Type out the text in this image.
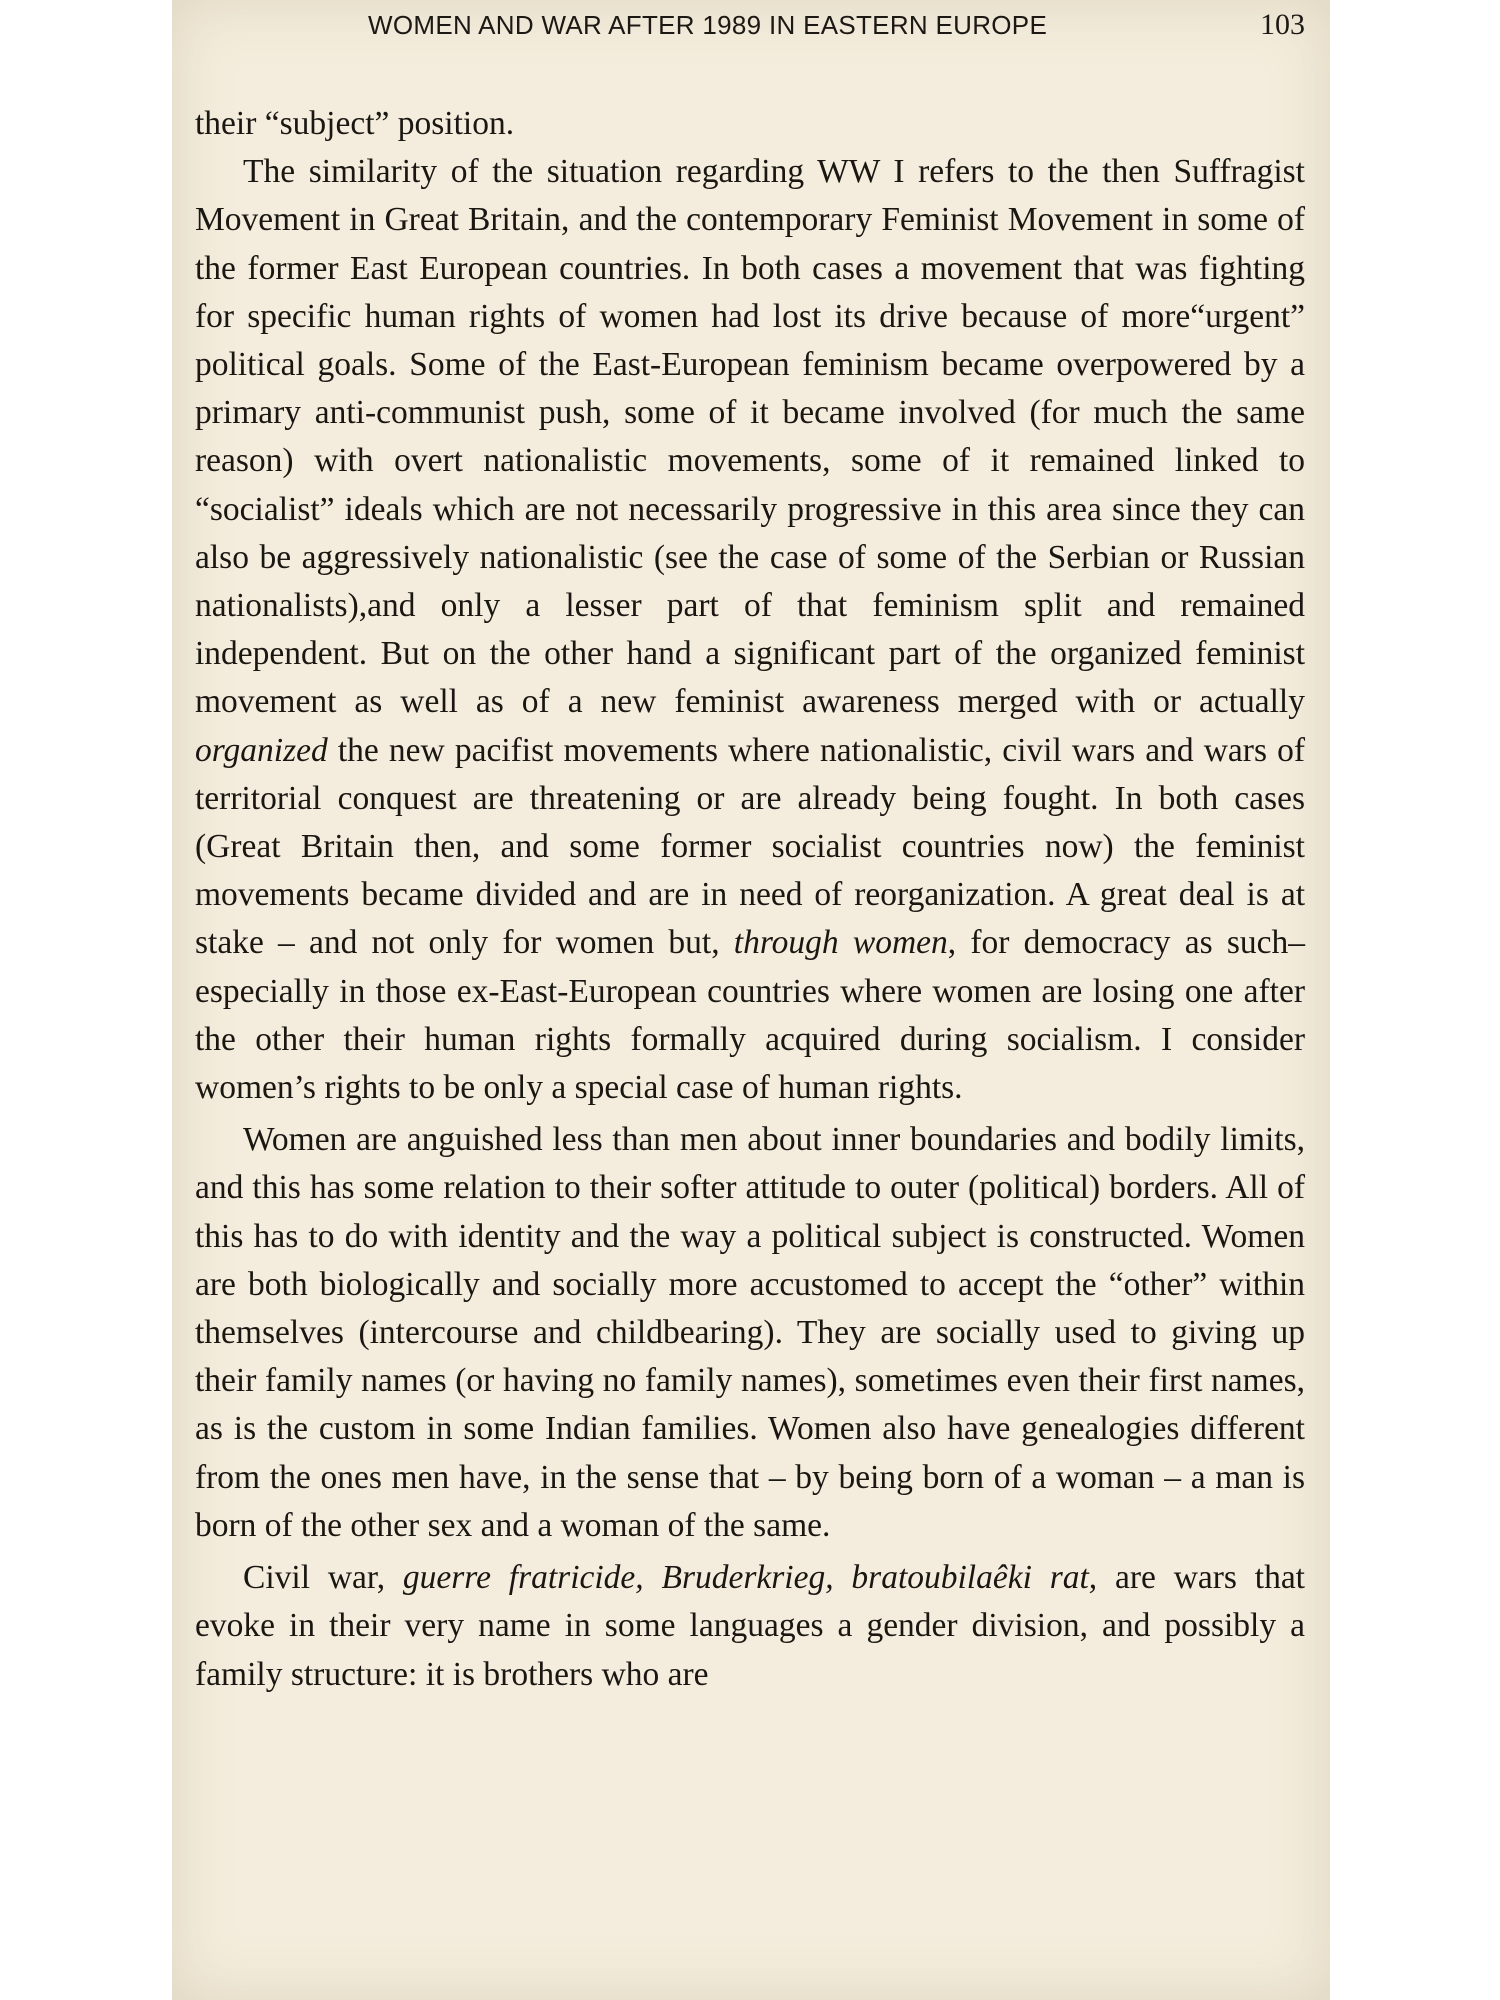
WOMEN AND WAR AFTER 1989 IN EASTERN EUROPE	103

their “subject” position.

The similarity of the situation regarding WW I refers to the then Suffragist Movement in Great Britain, and the contemporary Feminist Movement in some of the former East European countries. In both cases a movement that was fighting for specific human rights of women had lost its drive because of more“urgent” political goals. Some of the East-European feminism became overpowered by a primary anti-communist push, some of it became involved (for much the same reason) with overt nationalistic movements, some of it remained linked to “socialist” ideals which are not necessarily progressive in this area since they can also be aggressively nationalistic (see the case of some of the Serbian or Russian nationalists),and only a lesser part of that feminism split and remained independent. But on the other hand a significant part of the organized feminist movement as well as of a new feminist awareness merged with or actually organized the new pacifist movements where nationalistic, civil wars and wars of territorial conquest are threatening or are already being fought. In both cases (Great Britain then, and some former socialist countries now) the feminist movements became divided and are in need of reorganization. A great deal is at stake – and not only for women but, through women, for democracy as such– especially in those ex-East-European countries where women are losing one after the other their human rights formally acquired during socialism. I consider women’s rights to be only a special case of human rights.

Women are anguished less than men about inner boundaries and bodily limits, and this has some relation to their softer attitude to outer (political) borders. All of this has to do with identity and the way a political subject is constructed. Women are both biologically and socially more accustomed to accept the “other” within themselves (intercourse and childbearing). They are socially used to giving up their family names (or having no family names), sometimes even their first names, as is the custom in some Indian families. Women also have genealogies different from the ones men have, in the sense that – by being born of a woman – a man is born of the other sex and a woman of the same.

Civil war, guerre fratricide, Bruderkrieg, bratoubilaêki rat, are wars that evoke in their very name in some languages a gender division, and possibly a family structure: it is brothers who are
